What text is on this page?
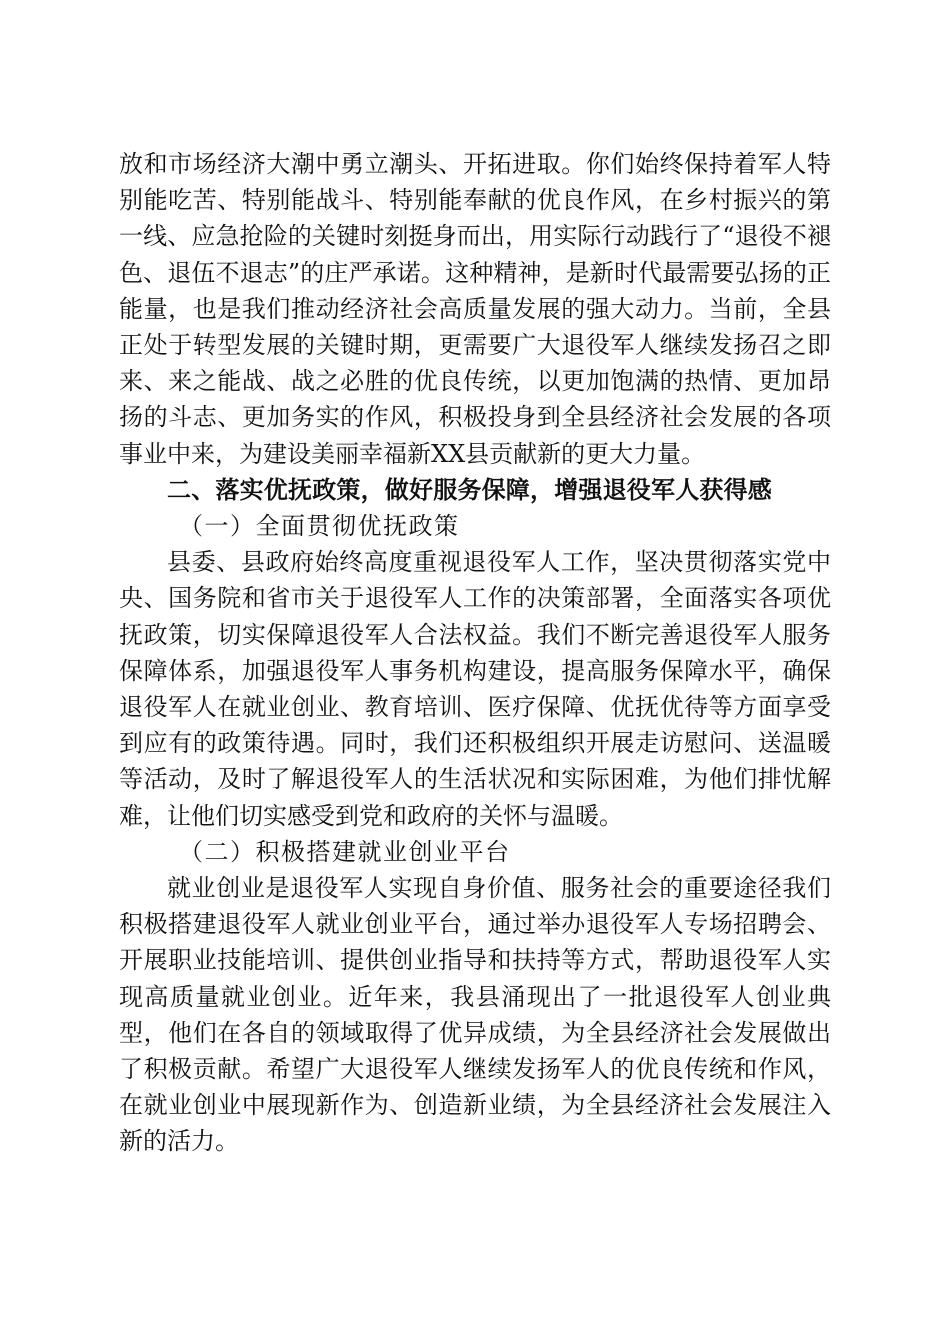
放和市场经济大潮中勇立潮头、开拓进取。你们始终保持着军人特别能吃苦、特别能战斗、特别能奉献的优良作风，在乡村振兴的第一线、应急抢险的关键时刻挺身而出，用实际行动践行了“退役不褪色、退伍不退志”的庄严承诺。这种精神，是新时代最需要弘扬的正能量，也是我们推动经济社会高质量发展的强大动力。当前，全县正处于转型发展的关键时期，更需要广大退役军人继续发扬召之即来、来之能战、战之必胜的优良传统，以更加饱满的热情、更加昂扬的斗志、更加务实的作风，积极投身到全县经济社会发展的各项事业中来，为建设美丽幸福新XX县贡献新的更大力量。

二、落实优抚政策，做好服务保障，增强退役军人获得感

（一）全面贯彻优抚政策

县委、县政府始终高度重视退役军人工作，坚决贯彻落实党中央、国务院和省市关于退役军人工作的决策部署，全面落实各项优抚政策，切实保障退役军人合法权益。我们不断完善退役军人服务保障体系，加强退役军人事务机构建设，提高服务保障水平，确保退役军人在就业创业、教育培训、医疗保障、优抚优待等方面享受到应有的政策待遇。同时，我们还积极组织开展走访慰问、送温暖等活动，及时了解退役军人的生活状况和实际困难，为他们排忧解难，让他们切实感受到党和政府的关怀与温暖。

（二）积极搭建就业创业平台

就业创业是退役军人实现自身价值、服务社会的重要途径我们积极搭建退役军人就业创业平台，通过举办退役军人专场招聘会、开展职业技能培训、提供创业指导和扶持等方式，帮助退役军人实现高质量就业创业。近年来，我县涌现出了一批退役军人创业典型，他们在各自的领域取得了优异成绩，为全县经济社会发展做出了积极贡献。希望广大退役军人继续发扬军人的优良传统和作风，在就业创业中展现新作为、创造新业绩，为全县经济社会发展注入新的活力。
